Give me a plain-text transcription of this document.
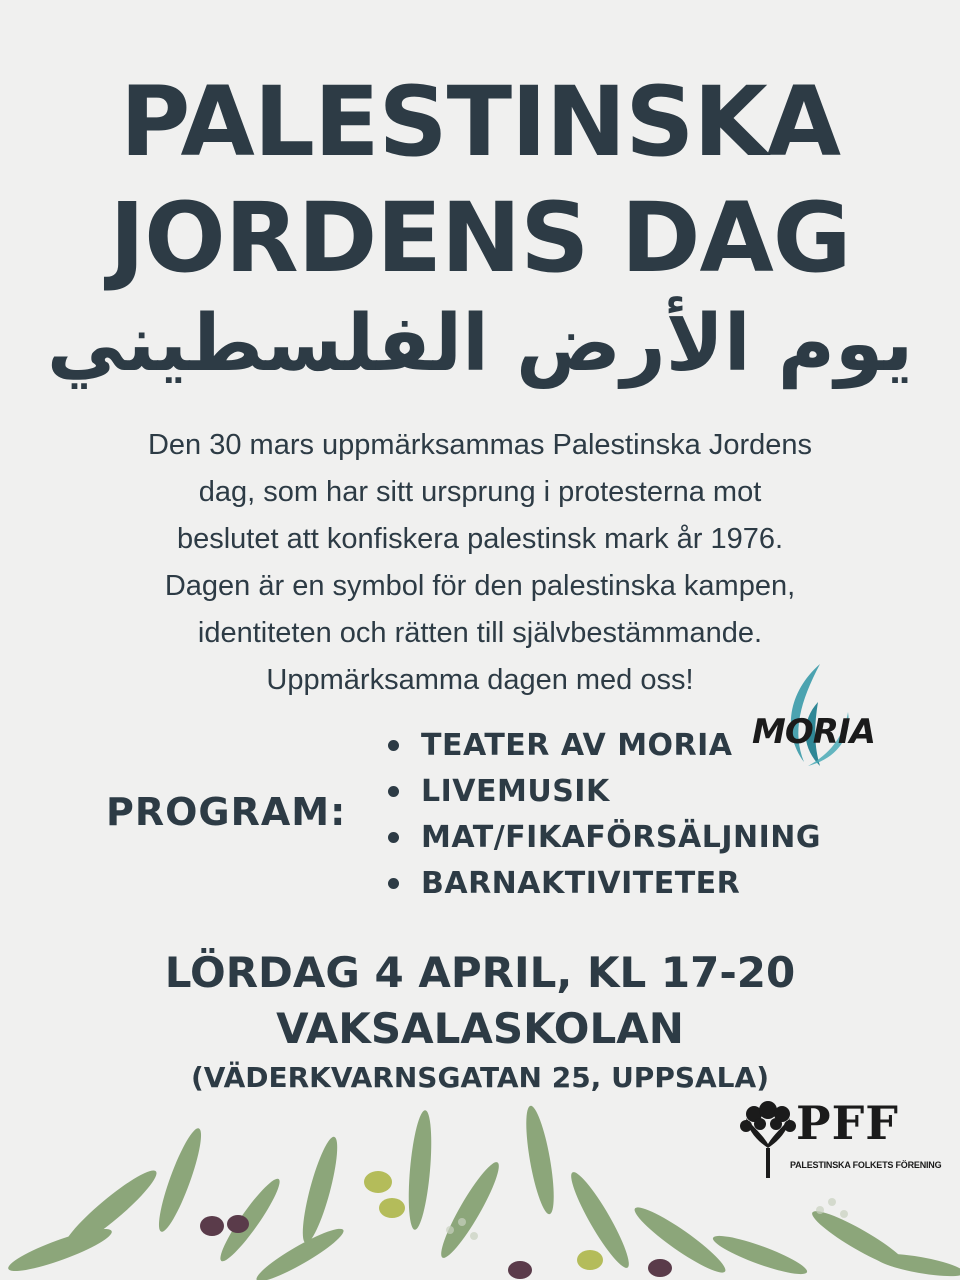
PALESTINSKA
JORDENS DAG
يوم الأرض الفلسطيني

Den 30 mars uppmärksammas Palestinska Jordens
dag, som har sitt ursprung i protesterna mot
beslutet att konfiskera palestinsk mark år 1976.
Dagen är en symbol för den palestinska kampen,
identiteten och rätten till självbestämmande.
Uppmärksamma dagen med oss!

MORIA
PROGRAM:
TEATER AV MORIA
LIVEMUSIK
MAT/FIKAFÖRSÄLJNING
BARNAKTIVITETER
LÖRDAG 4 APRIL, KL 17-20
VAKSALASKOLAN
(VÄDERKVARNSGATAN 25, UPPSALA)
PFF
PALESTINSKA FOLKETS FÖRENING
